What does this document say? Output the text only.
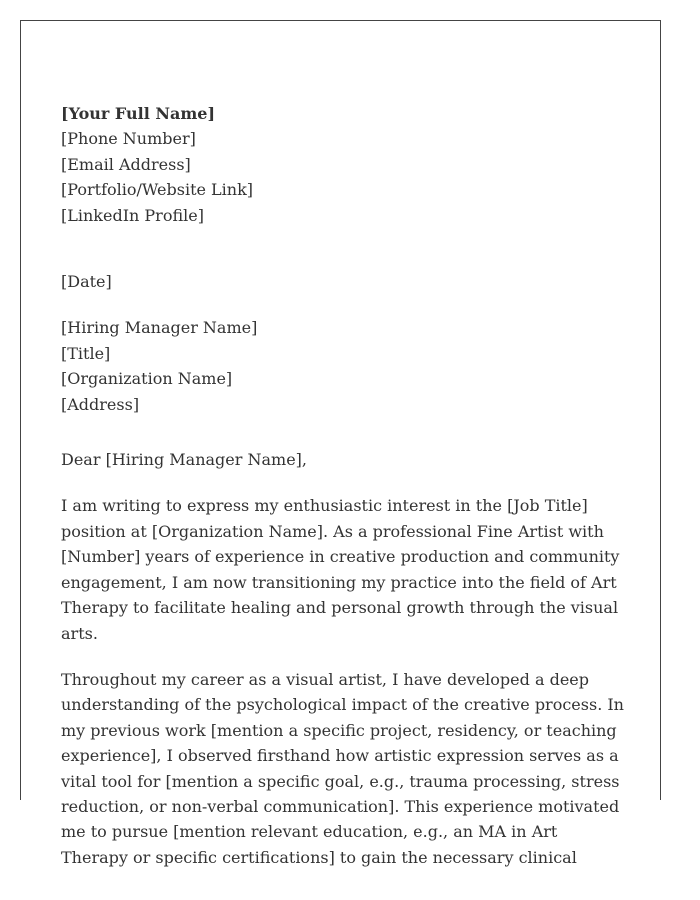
[Your Full Name]
[Phone Number]
[Email Address]
[Portfolio/Website Link]
[LinkedIn Profile]
[Date]
[Hiring Manager Name]
[Title]
[Organization Name]
[Address]
Dear [Hiring Manager Name],

I am writing to express my enthusiastic interest in the [Job Title] position at [Organization Name]. As a professional Fine Artist with [Number] years of experience in creative production and community engagement, I am now transitioning my practice into the field of Art Therapy to facilitate healing and personal growth through the visual arts.

Throughout my career as a visual artist, I have developed a deep understanding of the psychological impact of the creative process. In my previous work [mention a specific project, residency, or teaching experience], I observed firsthand how artistic expression serves as a vital tool for [mention a specific goal, e.g., trauma processing, stress reduction, or non-verbal communication]. This experience motivated me to pursue [mention relevant education, e.g., an MA in Art Therapy or specific certifications] to gain the necessary clinical
